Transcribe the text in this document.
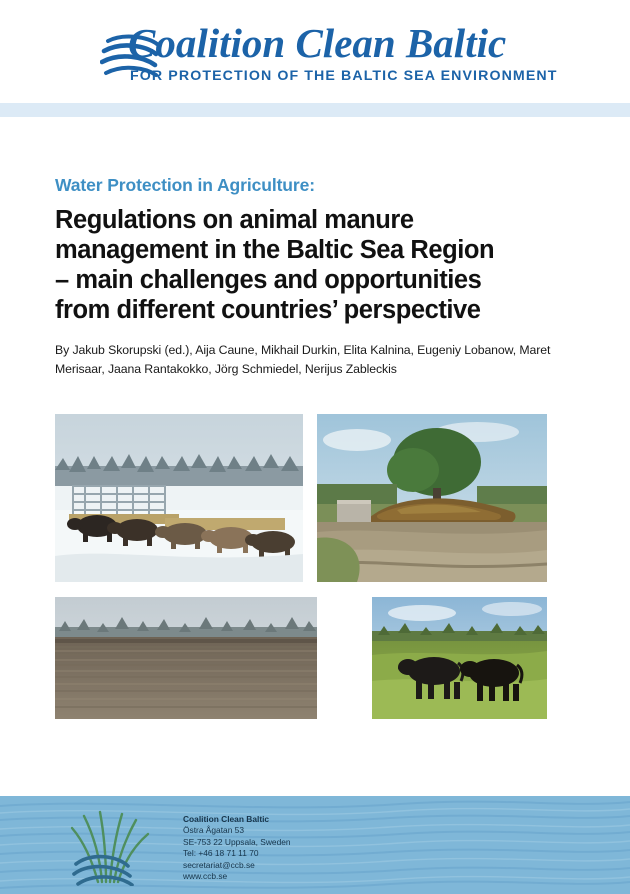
Coalition Clean Baltic
FOR PROTECTION OF THE BALTIC SEA ENVIRONMENT
Water Protection in Agriculture:
Regulations on animal manure
management in the Baltic Sea Region
– main challenges and opportunities
from different countries’ perspective
By Jakub Skorupski (ed.), Aija Caune, Mikhail Durkin, Elita Kalnina, Eugeniy Lobanow, Maret Merisaar, Jaana Rantakokko, Jörg Schmiedel, Nerijus Zableckis
Coalition Clean Baltic
Östra Ågatan 53
SE-753 22 Uppsala, Sweden
Tel: +46 18 71 11 70
secretariat@ccb.se
www.ccb.se
